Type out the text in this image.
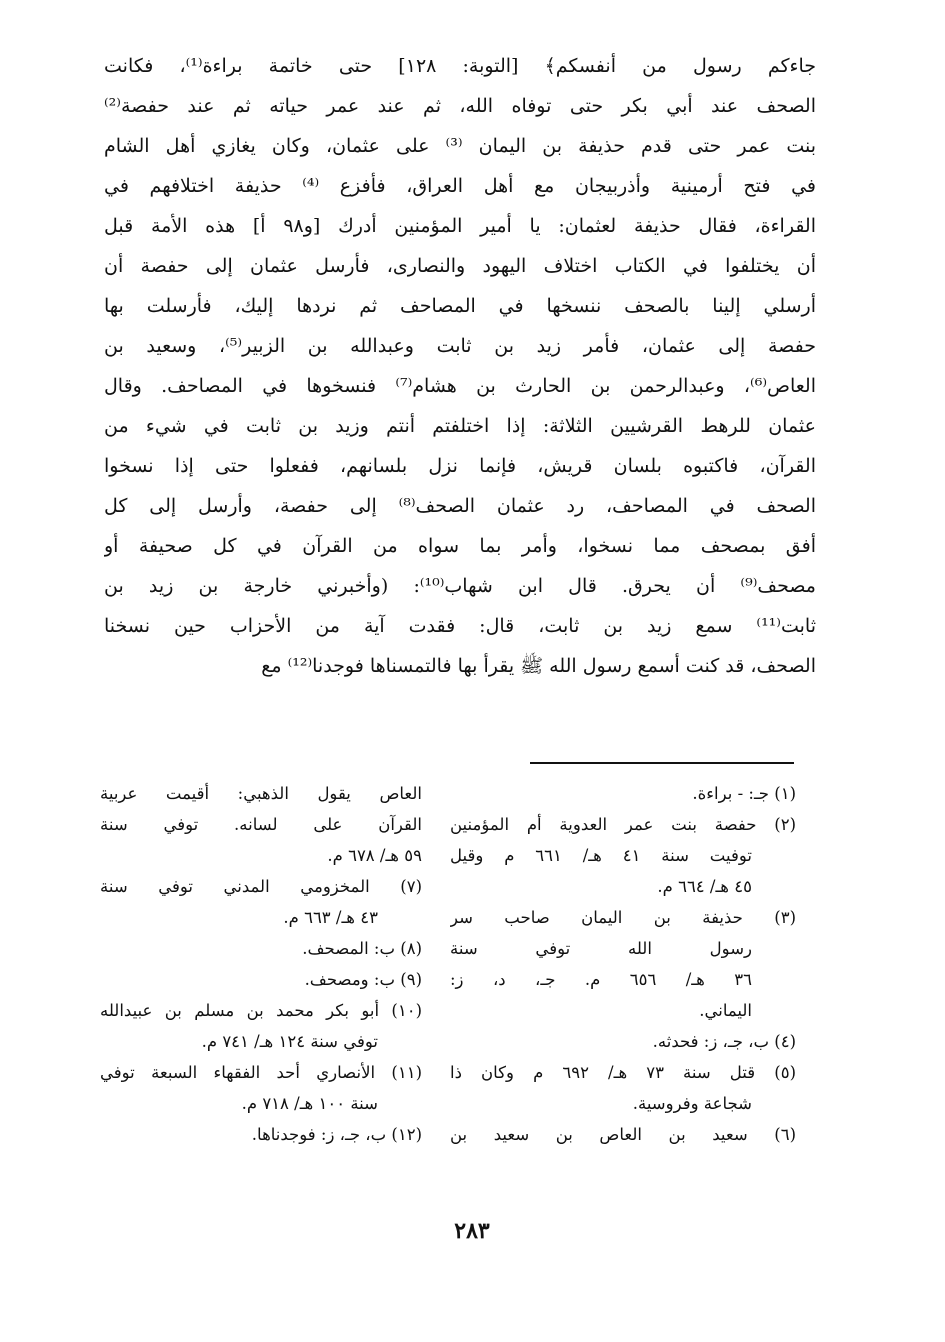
جاءكم رسول من أنفسكم﴾ [التوبة: ١٢٨] حتى خاتمة براءة⁽¹⁾، فكانت
الصحف عند أبي بكر حتى توفاه الله، ثم عند عمر حياته ثم عند حفصة⁽²⁾
بنت عمر حتى قدم حذيفة بن اليمان ⁽³⁾ على عثمان، وكان يغازي أهل الشام
في فتح أرمينية وأذربيجان مع أهل العراق، فأفزع ⁽⁴⁾ حذيفة اختلافهم في
القراءة، فقال حذيفة لعثمان: يا أمير المؤمنين أدرك [و٩٨ أ] هذه الأمة قبل
أن يختلفوا في الكتاب اختلاف اليهود والنصارى، فأرسل عثمان إلى حفصة أن
أرسلي إلينا بالصحف ننسخها في المصاحف ثم نردها إليك، فأرسلت بها
حفصة إلى عثمان، فأمر زيد بن ثابت وعبدالله بن الزبير⁽⁵⁾، وسعيد بن
العاص⁽⁶⁾، وعبدالرحمن بن الحارث بن هشام⁽⁷⁾ فنسخوها في المصاحف. وقال
عثمان للرهط القرشيين الثلاثة: إذا اختلفتم أنتم وزيد بن ثابت في شيء من
القرآن، فاكتبوه بلسان قريش، فإنما نزل بلسانهم، ففعلوا حتى إذا نسخوا
الصحف في المصاحف، رد عثمان الصحف⁽⁸⁾ إلى حفصة، وأرسل إلى كل
أفق بمصحف مما نسخوا، وأمر بما سواه من القرآن في كل صحيفة أو
مصحف⁽⁹⁾ أن يحرق. قال ابن شهاب⁽¹⁰⁾: (وأخبرني خارجة بن زيد بن
ثابت⁽¹¹⁾ سمع زيد بن ثابت، قال: فقدت آية من الأحزاب حين نسخنا
الصحف، قد كنت أسمع رسول الله ﷺ يقرأ بها فالتمسناها فوجدنا⁽¹²⁾ مع
(١) جـ: - براءة.
(٢) حفصة بنت عمر العدوية أم المؤمنين
توفيت سنة ٤١ هـ/ ٦٦١ م وقيل
٤٥ هـ/ ٦٦٤ م.
(٣) حذيفة بن اليمان صاحب سر
رسول الله توفي سنة
٣٦ هـ/ ٦٥٦ م. جـ، د، ز:
اليماني.
(٤) ب، جـ، ز: فحدثه.
(٥) قتل سنة ٧٣ هـ/ ٦٩٢ م وكان ذا
شجاعة وفروسية.
(٦) سعيد بن العاص بن سعيد بن
العاص يقول الذهبي: أقيمت عربية
القرآن على لسانه. توفي سنة
٥٩ هـ/ ٦٧٨ م.
(٧) المخزومي المدني توفي سنة
٤٣ هـ/ ٦٦٣ م.
(٨) ب: المصحف.
(٩) ب: ومصحف.
(١٠) أبو بكر محمد بن مسلم بن عبيدالله
توفي سنة ١٢٤ هـ/ ٧٤١ م.
(١١) الأنصاري أحد الفقهاء السبعة توفي
سنة ١٠٠ هـ/ ٧١٨ م.
(١٢) ب، جـ، ز: فوجدناها.
٢٨٣
